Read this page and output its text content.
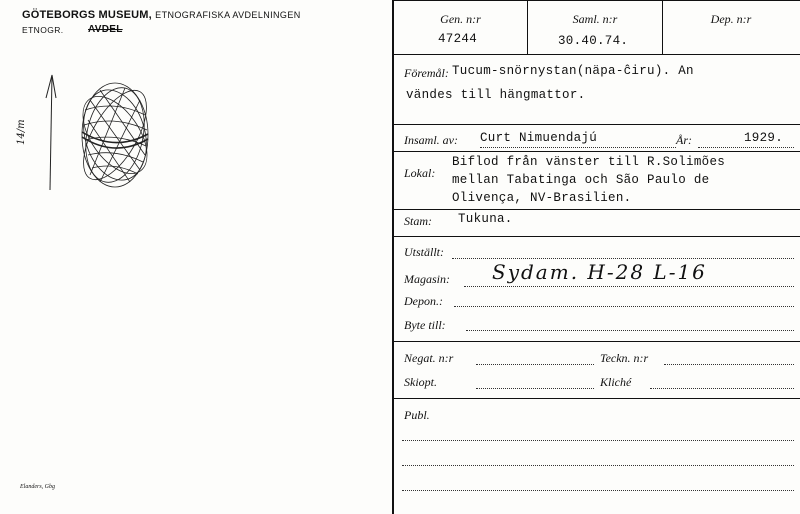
GÖTEBORGS MUSEUM, ETNOGRAFISKA AVDELNINGEN
ETNOGR. AVDEL
14/m
Elanders, Gbg
Gen. n:r	Saml. n:r	Dep. n:r
47244	30.40.74.
Föremål: Tucum-snörnystan(näpa-ĉiru). An
vändes till hängmattor.
Insaml. av: Curt Nimuendajú	År:	1929.
Lokal:
Biflod från vänster till R.Solimões
mellan Tabatinga och São Paulo de
Olivença, NV-Brasilien.
Stam: Tukuna.
Utställt:
Magasin: Sydam. H-28 L-16
Depon.:
Byte till:
Negat. n:r	Teckn. n:r
Skiopt.	Kliché
Publ.
